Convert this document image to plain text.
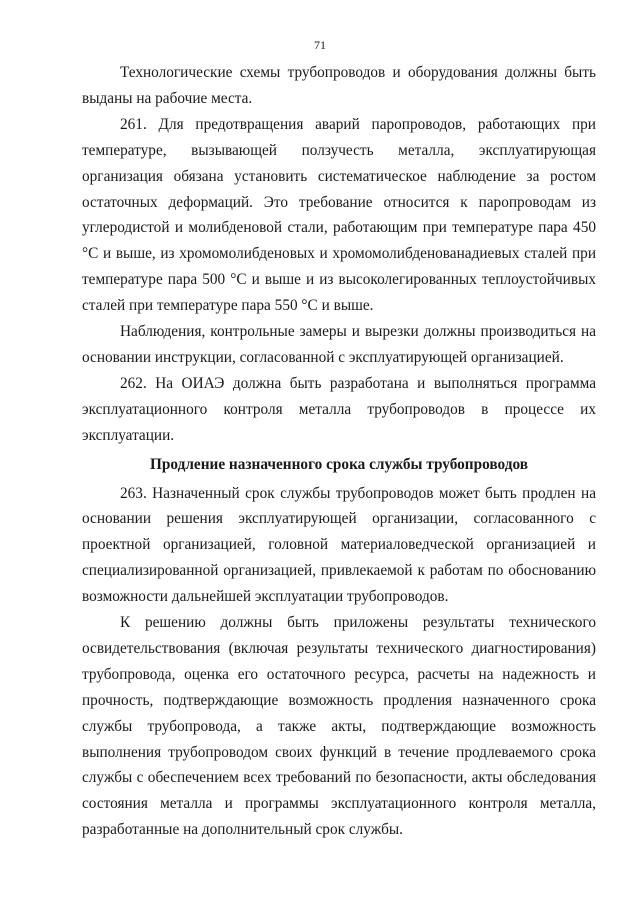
71

Технологические схемы трубопроводов и оборудования должны быть выданы на рабочие места.

261. Для предотвращения аварий паропроводов, работающих при температуре, вызывающей ползучесть металла, эксплуатирующая организация обязана установить систематическое наблюдение за ростом остаточных деформаций. Это требование относится к паропроводам из углеродистой и молибденовой стали, работающим при температуре пара 450 °С и выше, из хромомолибденовых и хромомолибденованадиевых сталей при температуре пара 500 °С и выше и из высоколегированных теплоустойчивых сталей при температуре пара 550 °С и выше.

Наблюдения, контрольные замеры и вырезки должны производиться на основании инструкции, согласованной с эксплуатирующей организацией.

262. На ОИАЭ должна быть разработана и выполняться программа эксплуатационного контроля металла трубопроводов в процессе их эксплуатации.

Продление назначенного срока службы трубопроводов

263. Назначенный срок службы трубопроводов может быть продлен на основании решения эксплуатирующей организации, согласованного с проектной организацией, головной материаловедческой организацией и специализированной организацией, привлекаемой к работам по обоснованию возможности дальнейшей эксплуатации трубопроводов.

К решению должны быть приложены результаты технического освидетельствования (включая результаты технического диагностирования) трубопровода, оценка его остаточного ресурса, расчеты на надежность и прочность, подтверждающие возможность продления назначенного срока службы трубопровода, а также акты, подтверждающие возможность выполнения трубопроводом своих функций в течение продлеваемого срока службы с обеспечением всех требований по безопасности, акты обследования состояния металла и программы эксплуатационного контроля металла, разработанные на дополнительный срок службы.
